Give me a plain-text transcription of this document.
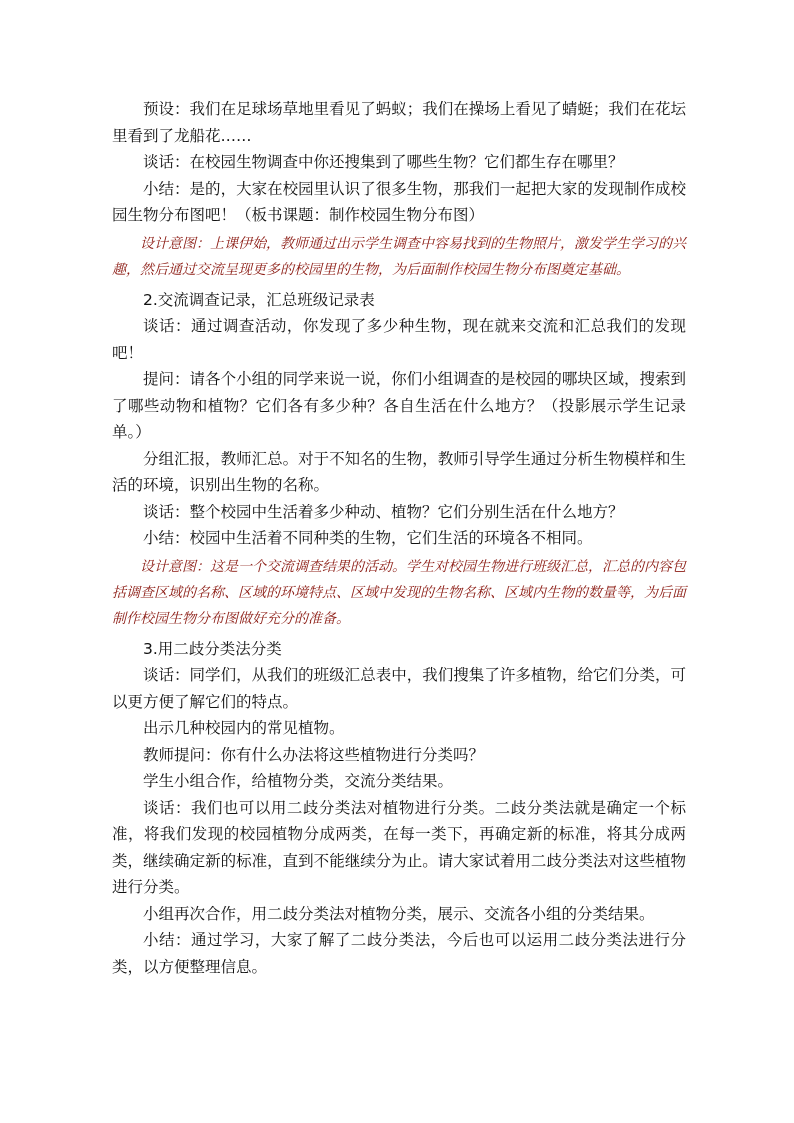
预设：我们在足球场草地里看见了蚂蚁；我们在操场上看见了蜻蜓；我们在花坛里看到了龙船花……

谈话：在校园生物调查中你还搜集到了哪些生物？它们都生存在哪里？

小结：是的，大家在校园里认识了很多生物，那我们一起把大家的发现制作成校园生物分布图吧！（板书课题：制作校园生物分布图）

设计意图：上课伊始，教师通过出示学生调查中容易找到的生物照片，激发学生学习的兴趣，然后通过交流呈现更多的校园里的生物，为后面制作校园生物分布图奠定基础。

2.交流调查记录，汇总班级记录表

谈话：通过调查活动，你发现了多少种生物，现在就来交流和汇总我们的发现吧！

提问：请各个小组的同学来说一说，你们小组调查的是校园的哪块区域，搜索到了哪些动物和植物？它们各有多少种？各自生活在什么地方？（投影展示学生记录单。）

分组汇报，教师汇总。对于不知名的生物，教师引导学生通过分析生物模样和生活的环境，识别出生物的名称。

谈话：整个校园中生活着多少种动、植物？它们分别生活在什么地方？

小结：校园中生活着不同种类的生物，它们生活的环境各不相同。

设计意图：这是一个交流调查结果的活动。学生对校园生物进行班级汇总，汇总的内容包括调查区域的名称、区域的环境特点、区域中发现的生物名称、区域内生物的数量等，为后面制作校园生物分布图做好充分的准备。

3.用二歧分类法分类

谈话：同学们，从我们的班级汇总表中，我们搜集了许多植物，给它们分类，可以更方便了解它们的特点。

出示几种校园内的常见植物。

教师提问：你有什么办法将这些植物进行分类吗？

学生小组合作，给植物分类，交流分类结果。

谈话：我们也可以用二歧分类法对植物进行分类。二歧分类法就是确定一个标准，将我们发现的校园植物分成两类，在每一类下，再确定新的标准，将其分成两类，继续确定新的标准，直到不能继续分为止。请大家试着用二歧分类法对这些植物进行分类。

小组再次合作，用二歧分类法对植物分类，展示、交流各小组的分类结果。

小结：通过学习，大家了解了二歧分类法，今后也可以运用二歧分类法进行分类，以方便整理信息。
